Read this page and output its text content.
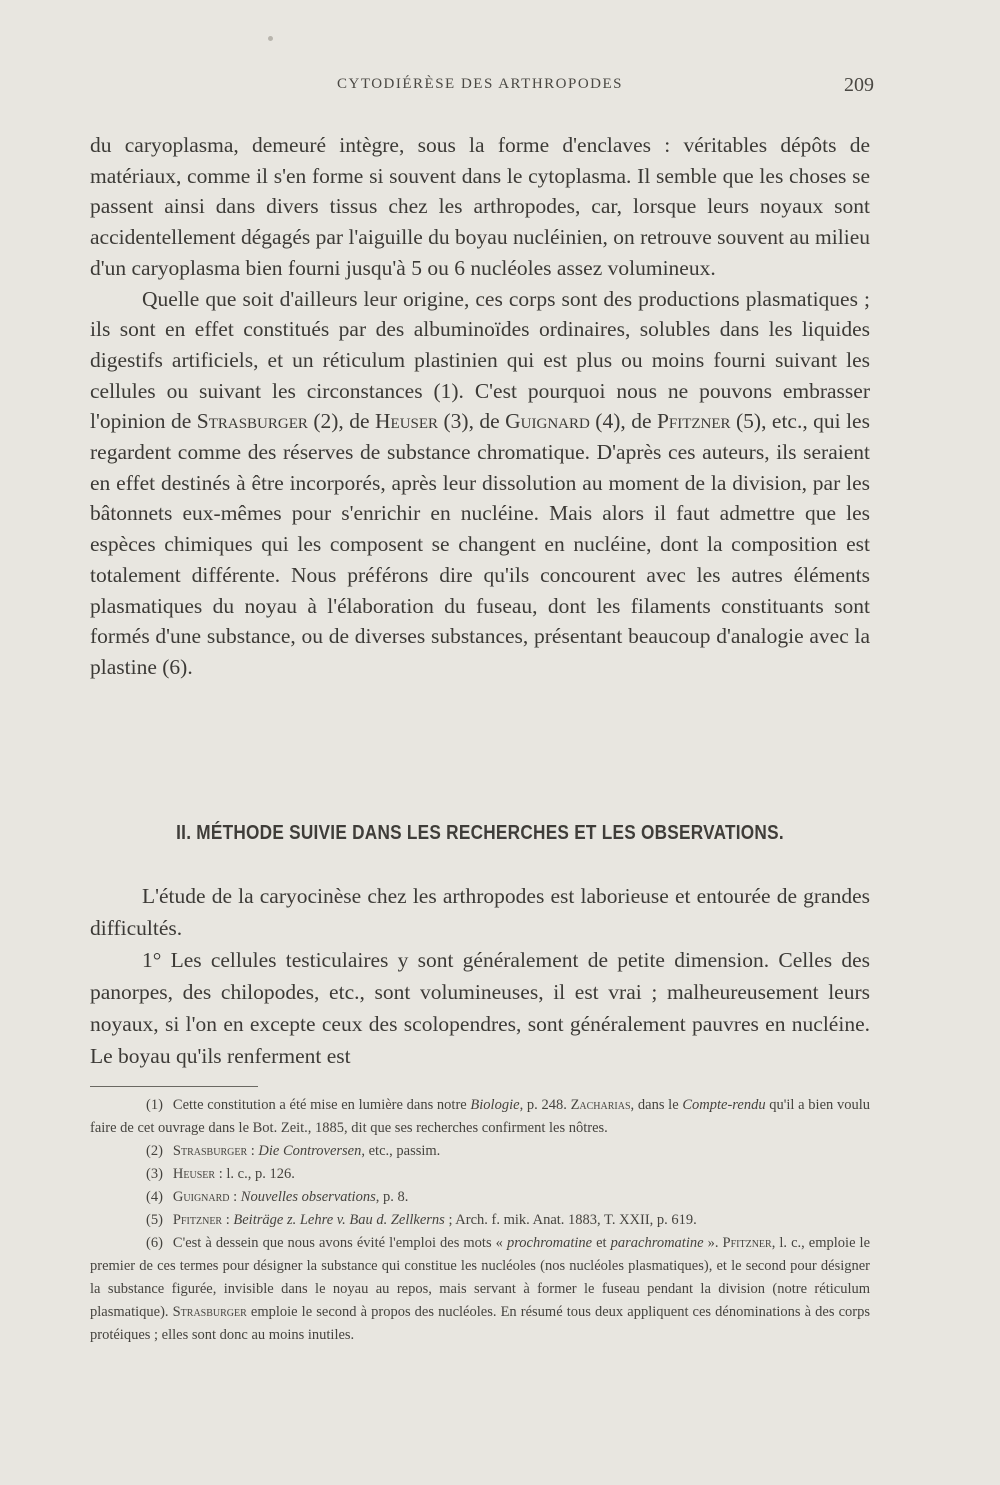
CYTODIÉRÈSE DES ARTHROPODES	209

du caryoplasma, demeuré intègre, sous la forme d'enclaves : véritables dépôts de matériaux, comme il s'en forme si souvent dans le cytoplasma. Il semble que les choses se passent ainsi dans divers tissus chez les arthropodes, car, lorsque leurs noyaux sont accidentellement dégagés par l'aiguille du boyau nucléinien, on retrouve souvent au milieu d'un caryoplasma bien fourni jusqu'à 5 ou 6 nucléoles assez volumineux.

Quelle que soit d'ailleurs leur origine, ces corps sont des productions plasmatiques ; ils sont en effet constitués par des albuminoïdes ordinaires, solubles dans les liquides digestifs artificiels, et un réticulum plastinien qui est plus ou moins fourni suivant les cellules ou suivant les circonstances (1). C'est pourquoi nous ne pouvons embrasser l'opinion de Strasburger (2), de Heuser (3), de Guignard (4), de Pfitzner (5), etc., qui les regardent comme des réserves de substance chromatique. D'après ces auteurs, ils seraient en effet destinés à être incorporés, après leur dissolution au moment de la division, par les bâtonnets eux-mêmes pour s'enrichir en nucléine. Mais alors il faut admettre que les espèces chimiques qui les composent se changent en nucléine, dont la composition est totalement différente. Nous préférons dire qu'ils concourent avec les autres éléments plasmatiques du noyau à l'élaboration du fuseau, dont les filaments constituants sont formés d'une substance, ou de diverses substances, présentant beaucoup d'analogie avec la plastine (6).

II. MÉTHODE SUIVIE DANS LES RECHERCHES ET LES OBSERVATIONS.

L'étude de la caryocinèse chez les arthropodes est laborieuse et entourée de grandes difficultés.

1° Les cellules testiculaires y sont généralement de petite dimension. Celles des panorpes, des chilopodes, etc., sont volumineuses, il est vrai ; malheureusement leurs noyaux, si l'on en excepte ceux des scolopendres, sont généralement pauvres en nucléine. Le boyau qu'ils renferment est

(1) Cette constitution a été mise en lumière dans notre Biologie, p. 248. Zacharias, dans le Compte-rendu qu'il a bien voulu faire de cet ouvrage dans le Bot. Zeit., 1885, dit que ses recherches confirment les nôtres.

(2) Strasburger : Die Controversen, etc., passim.

(3) Heuser : l. c., p. 126.

(4) Guignard : Nouvelles observations, p. 8.

(5) Pfitzner : Beiträge z. Lehre v. Bau d. Zellkerns ; Arch. f. mik. Anat. 1883, T. XXII, p. 619.

(6) C'est à dessein que nous avons évité l'emploi des mots « prochromatine et parachromatine ». Pfitzner, l. c., emploie le premier de ces termes pour désigner la substance qui constitue les nucléoles (nos nucléoles plasmatiques), et le second pour désigner la substance figurée, invisible dans le noyau au repos, mais servant à former le fuseau pendant la division (notre réticulum plasmatique). Strasburger emploie le second à propos des nucléoles. En résumé tous deux appliquent ces dénominations à des corps protéiques ; elles sont donc au moins inutiles.
